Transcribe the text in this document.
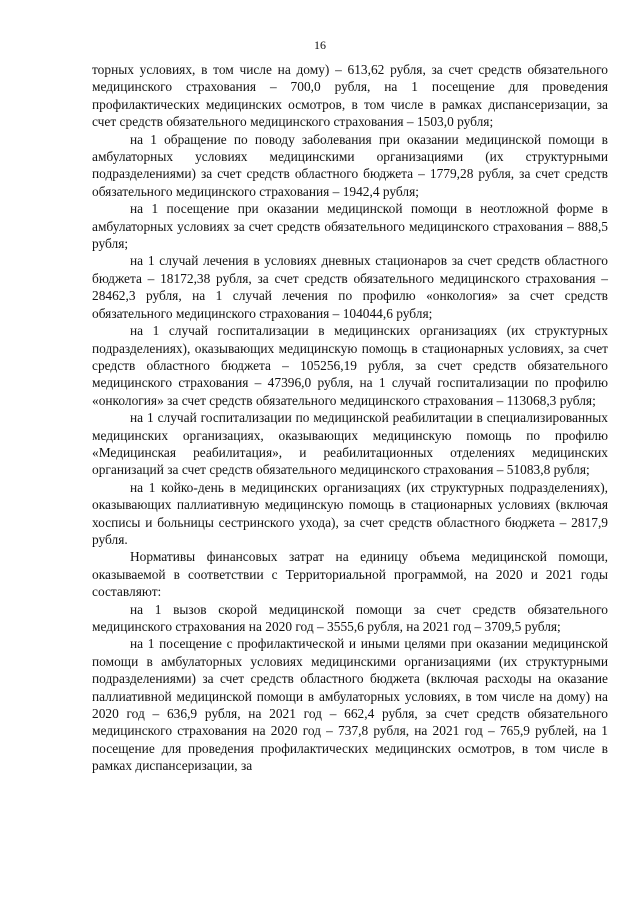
16

торных условиях, в том числе на дому) – 613,62 рубля, за счет средств обязательного медицинского страхования – 700,0 рубля, на 1 посещение для проведения профилактических медицинских осмотров, в том числе в рамках диспансеризации, за счет средств обязательного медицинского страхования – 1503,0 рубля;

на 1 обращение по поводу заболевания при оказании медицинской помощи в амбулаторных условиях медицинскими организациями (их структурными подразделениями) за счет средств областного бюджета – 1779,28 рубля, за счет средств обязательного медицинского страхования – 1942,4 рубля;

на 1 посещение при оказании медицинской помощи в неотложной форме в амбулаторных условиях за счет средств обязательного медицинского страхования – 888,5 рубля;

на 1 случай лечения в условиях дневных стационаров за счет средств областного бюджета – 18172,38 рубля, за счет средств обязательного медицинского страхования – 28462,3 рубля, на 1 случай лечения по профилю «онкология» за счет средств обязательного медицинского страхования – 104044,6 рубля;

на 1 случай госпитализации в медицинских организациях (их структурных подразделениях), оказывающих медицинскую помощь в стационарных условиях, за счет средств областного бюджета – 105256,19 рубля, за счет средств обязательного медицинского страхования – 47396,0 рубля, на 1 случай госпитализации по профилю «онкология» за счет средств обязательного медицинского страхования – 113068,3 рубля;

на 1 случай госпитализации по медицинской реабилитации в специализированных медицинских организациях, оказывающих медицинскую помощь по профилю «Медицинская реабилитация», и реабилитационных отделениях медицинских организаций за счет средств обязательного медицинского страхования – 51083,8 рубля;

на 1 койко-день в медицинских организациях (их структурных подразделениях), оказывающих паллиативную медицинскую помощь в стационарных условиях (включая хосписы и больницы сестринского ухода), за счет средств областного бюджета – 2817,9 рубля.

Нормативы финансовых затрат на единицу объема медицинской помощи, оказываемой в соответствии с Территориальной программой, на 2020 и 2021 годы составляют:

на 1 вызов скорой медицинской помощи за счет средств обязательного медицинского страхования на 2020 год – 3555,6 рубля, на 2021 год – 3709,5 рубля;

на 1 посещение с профилактической и иными целями при оказании медицинской помощи в амбулаторных условиях медицинскими организациями (их структурными подразделениями) за счет средств областного бюджета (включая расходы на оказание паллиативной медицинской помощи в амбулаторных условиях, в том числе на дому) на 2020 год – 636,9 рубля, на 2021 год – 662,4 рубля, за счет средств обязательного медицинского страхования на 2020 год – 737,8 рубля, на 2021 год – 765,9 рублей, на 1 посещение для проведения профилактических медицинских осмотров, в том числе в рамках диспансеризации, за
